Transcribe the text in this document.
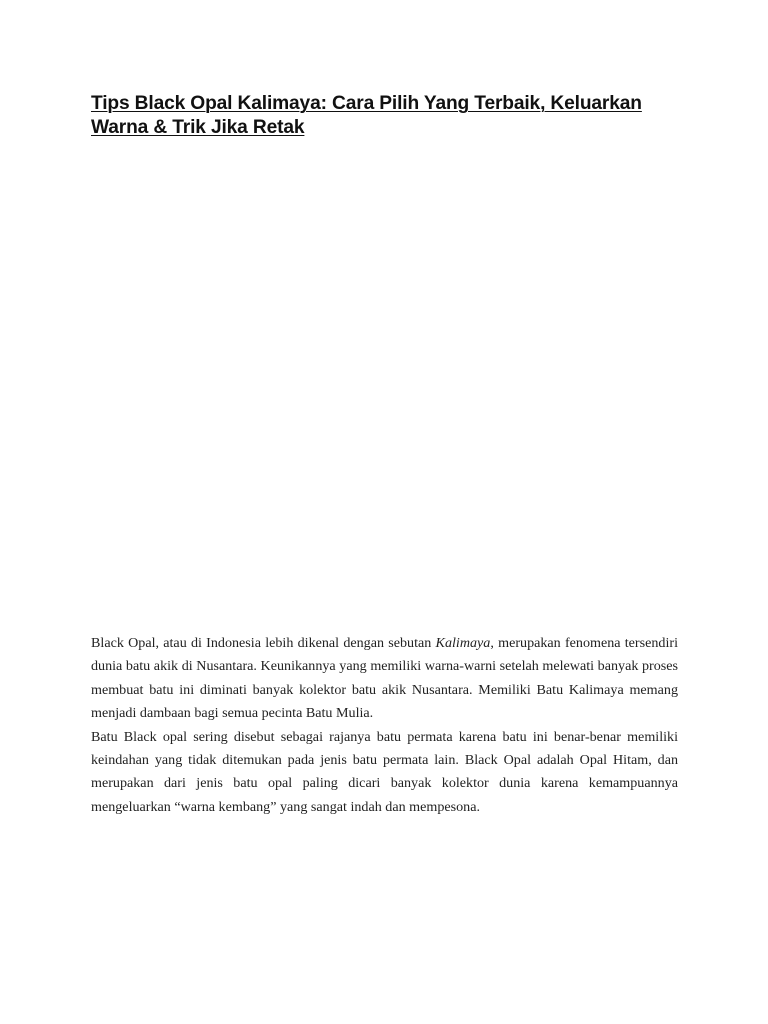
Tips Black Opal Kalimaya: Cara Pilih Yang Terbaik, Keluarkan
Warna & Trik Jika Retak

Black Opal, atau di Indonesia lebih dikenal dengan sebutan Kalimaya, merupakan fenomena tersendiri dunia batu akik di Nusantara. Keunikannya yang memiliki warna-warni setelah melewati banyak proses membuat batu ini diminati banyak kolektor batu akik Nusantara. Memiliki Batu Kalimaya memang menjadi dambaan bagi semua pecinta Batu Mulia.

Batu Black opal sering disebut sebagai rajanya batu permata karena batu ini benar-benar memiliki keindahan yang tidak ditemukan pada jenis batu permata lain. Black Opal adalah Opal Hitam, dan merupakan dari jenis batu opal paling dicari banyak kolektor dunia karena kemampuannya mengeluarkan “warna kembang” yang sangat indah dan mempesona.
